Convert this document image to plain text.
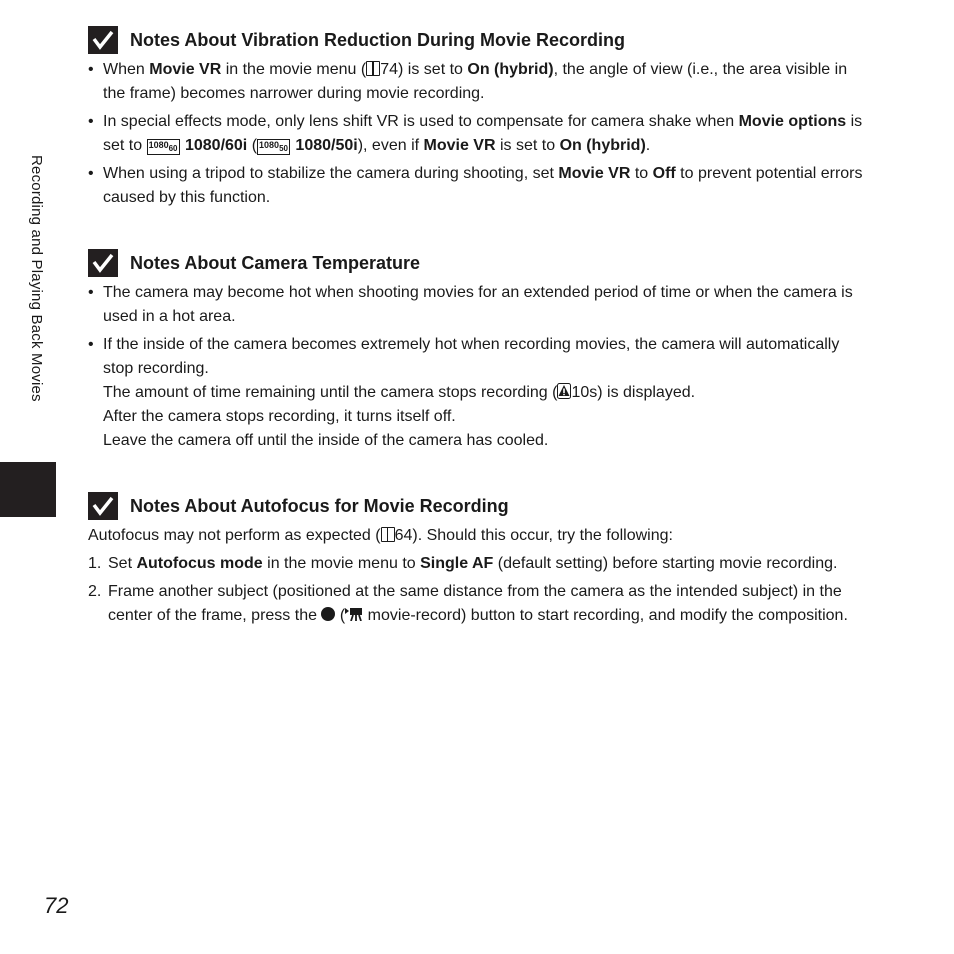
Recording and Playing Back Movies
72
Notes About Vibration Reduction During Movie Recording
• When Movie VR in the movie menu ( 74) is set to On (hybrid), the angle of view (i.e., the area visible in the frame) becomes narrower during movie recording.
• In special effects mode, only lens shift VR is used to compensate for camera shake when Movie options is set to 108060 1080/60i ( 108050 1080/50i), even if Movie VR is set to On (hybrid).
• When using a tripod to stabilize the camera during shooting, set Movie VR to Off to prevent potential errors caused by this function.
Notes About Camera Temperature
• The camera may become hot when shooting movies for an extended period of time or when the camera is used in a hot area.
• If the inside of the camera becomes extremely hot when recording movies, the camera will automatically stop recording.
The amount of time remaining until the camera stops recording ( 10s) is displayed.
After the camera stops recording, it turns itself off.
Leave the camera off until the inside of the camera has cooled.
Notes About Autofocus for Movie Recording
Autofocus may not perform as expected ( 64). Should this occur, try the following:
1. Set Autofocus mode in the movie menu to Single AF (default setting) before starting movie recording.
2. Frame another subject (positioned at the same distance from the camera as the intended subject) in the center of the frame, press the  ( movie-record) button to start recording, and modify the composition.
